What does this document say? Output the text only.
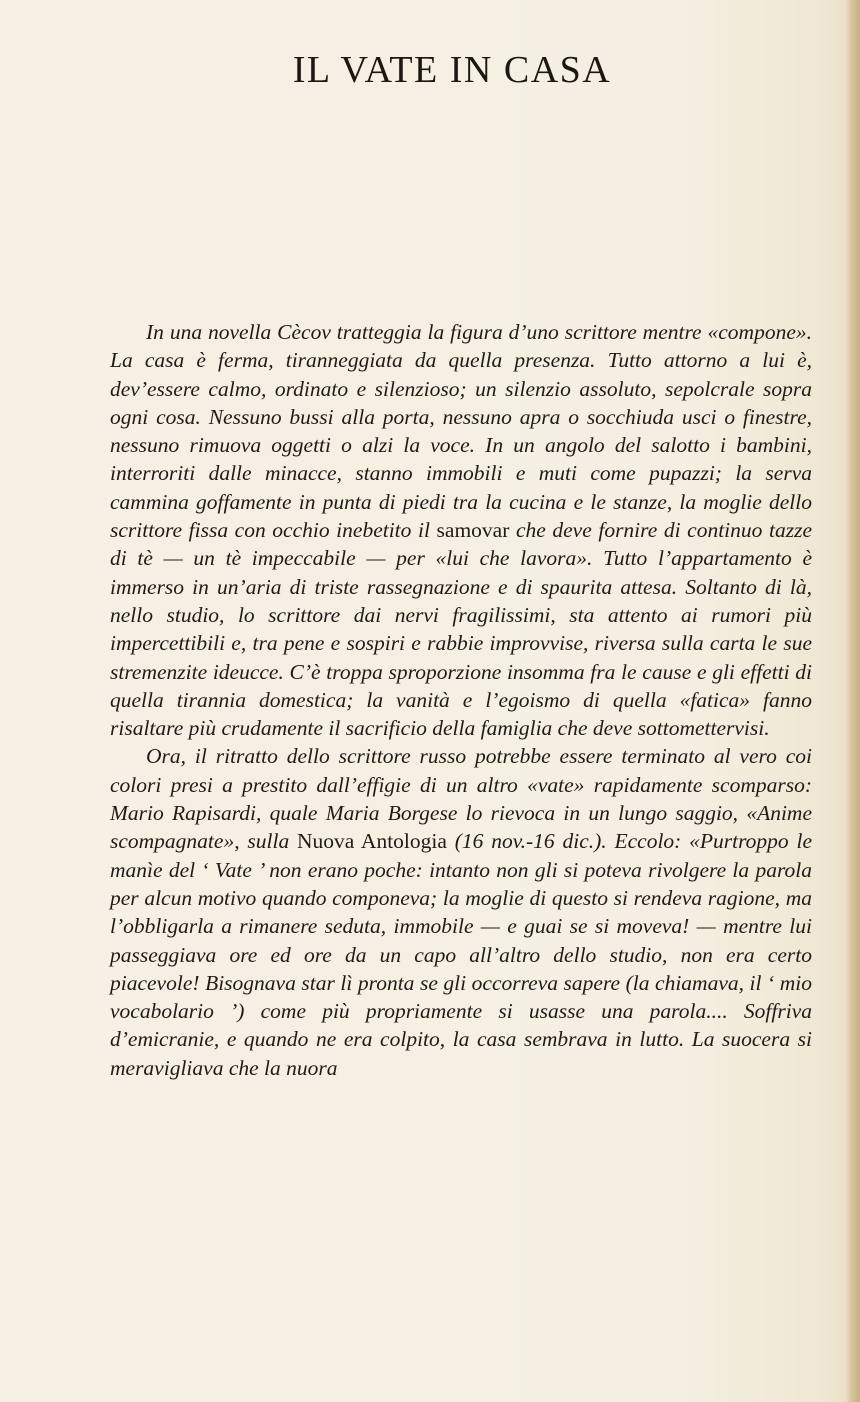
IL VATE IN CASA

In una novella Cècov tratteggia la figura d’uno scrittore mentre «compone». La casa è ferma, tiranneggiata da quella presenza. Tutto attorno a lui è, dev’essere calmo, ordinato e silenzioso; un silenzio assoluto, sepolcrale sopra ogni cosa. Nessuno bussi alla porta, nessuno apra o socchiuda usci o finestre, nessuno rimuova oggetti o alzi la voce. In un angolo del salotto i bambini, interroriti dalle minacce, stanno immobili e muti come pupazzi; la serva cammina goffamente in punta di piedi tra la cucina e le stanze, la moglie dello scrittore fissa con occhio inebetito il samovar che deve fornire di continuo tazze di tè — un tè impeccabile — per «lui che lavora». Tutto l’appartamento è immerso in un’aria di triste rassegnazione e di spaurita attesa. Soltanto di là, nello studio, lo scrittore dai nervi fragilissimi, sta attento ai rumori più impercettibili e, tra pene e sospiri e rabbie improvvise, riversa sulla carta le sue stremenzite ideucce. C’è troppa sproporzione insomma fra le cause e gli effetti di quella tirannia domestica; la vanità e l’egoismo di quella «fatica» fanno risaltare più crudamente il sacrificio della famiglia che deve sottomettervisi.

Ora, il ritratto dello scrittore russo potrebbe essere terminato al vero coi colori presi a prestito dall’effigie di un altro «vate» rapidamente scomparso: Mario Rapisardi, quale Maria Borgese lo rievoca in un lungo saggio, «Anime scompagnate», sulla Nuova Antologia (16 nov.-16 dic.). Eccolo: «Purtroppo le manìe del ‘ Vate ’ non erano poche: intanto non gli si poteva rivolgere la parola per alcun motivo quando componeva; la moglie di questo si rendeva ragione, ma l’obbligarla a rimanere seduta, immobile — e guai se si moveva! — mentre lui passeggiava ore ed ore da un capo all’altro dello studio, non era certo piacevole! Bisognava star lì pronta se gli occorreva sapere (la chiamava, il ‘ mio vocabolario ’) come più propriamente si usasse una parola.... Soffriva d’emicranie, e quando ne era colpito, la casa sembrava in lutto. La suocera si meravigliava che la nuora
